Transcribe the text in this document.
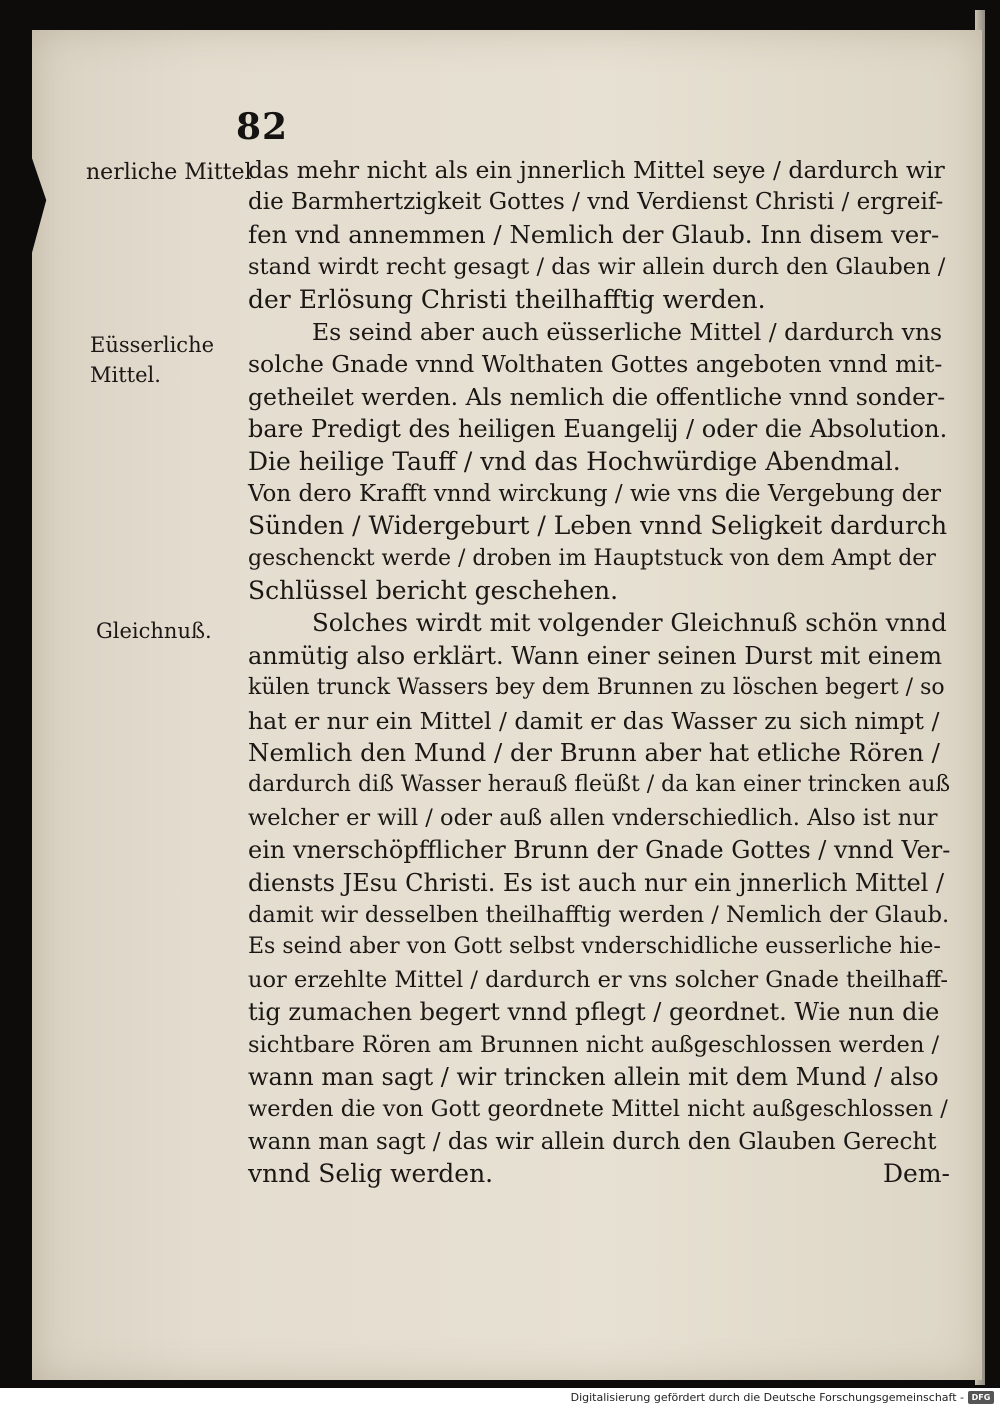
82
nerliche Mittel
Eüsserliche
Mittel.
Gleichnuß.
das mehr nicht als ein jnnerlich Mittel seye / dardurch wir
die Barmhertzigkeit Gottes / vnd Verdienst Christi / ergreif-
fen vnd annemmen / Nemlich der Glaub. Inn disem ver-
stand wirdt recht gesagt / das wir allein durch den Glauben /
der Erlösung Christi theilhafftig werden.
Es seind aber auch eüsserliche Mittel / dardurch vns
solche Gnade vnnd Wolthaten Gottes angeboten vnnd mit-
getheilet werden. Als nemlich die offentliche vnnd sonder-
bare Predigt des heiligen Euangelij / oder die Absolution.
Die heilige Tauff / vnd das Hochwürdige Abendmal.
Von dero Krafft vnnd wirckung / wie vns die Vergebung der
Sünden / Widergeburt / Leben vnnd Seligkeit dardurch
geschenckt werde / droben im Hauptstuck von dem Ampt der
Schlüssel bericht geschehen.
Solches wirdt mit volgender Gleichnuß schön vnnd
anmütig also erklärt. Wann einer seinen Durst mit einem
külen trunck Wassers bey dem Brunnen zu löschen begert / so
hat er nur ein Mittel / damit er das Wasser zu sich nimpt /
Nemlich den Mund / der Brunn aber hat etliche Rören /
dardurch diß Wasser herauß fleüßt / da kan einer trincken auß
welcher er will / oder auß allen vnderschiedlich. Also ist nur
ein vnerschöpfflicher Brunn der Gnade Gottes / vnnd Ver-
diensts JEsu Christi. Es ist auch nur ein jnnerlich Mittel /
damit wir desselben theilhafftig werden / Nemlich der Glaub.
Es seind aber von Gott selbst vnderschidliche eusserliche hie-
uor erzehlte Mittel / dardurch er vns solcher Gnade theilhaff-
tig zumachen begert vnnd pflegt / geordnet. Wie nun die
sichtbare Rören am Brunnen nicht außgeschlossen werden /
wann man sagt / wir trincken allein mit dem Mund / also
werden die von Gott geordnete Mittel nicht außgeschlossen /
wann man sagt / das wir allein durch den Glauben Gerecht
vnnd Selig werden.	Dem-
Digitalisierung gefördert durch die Deutsche Forschungsgemeinschaft - DFG
